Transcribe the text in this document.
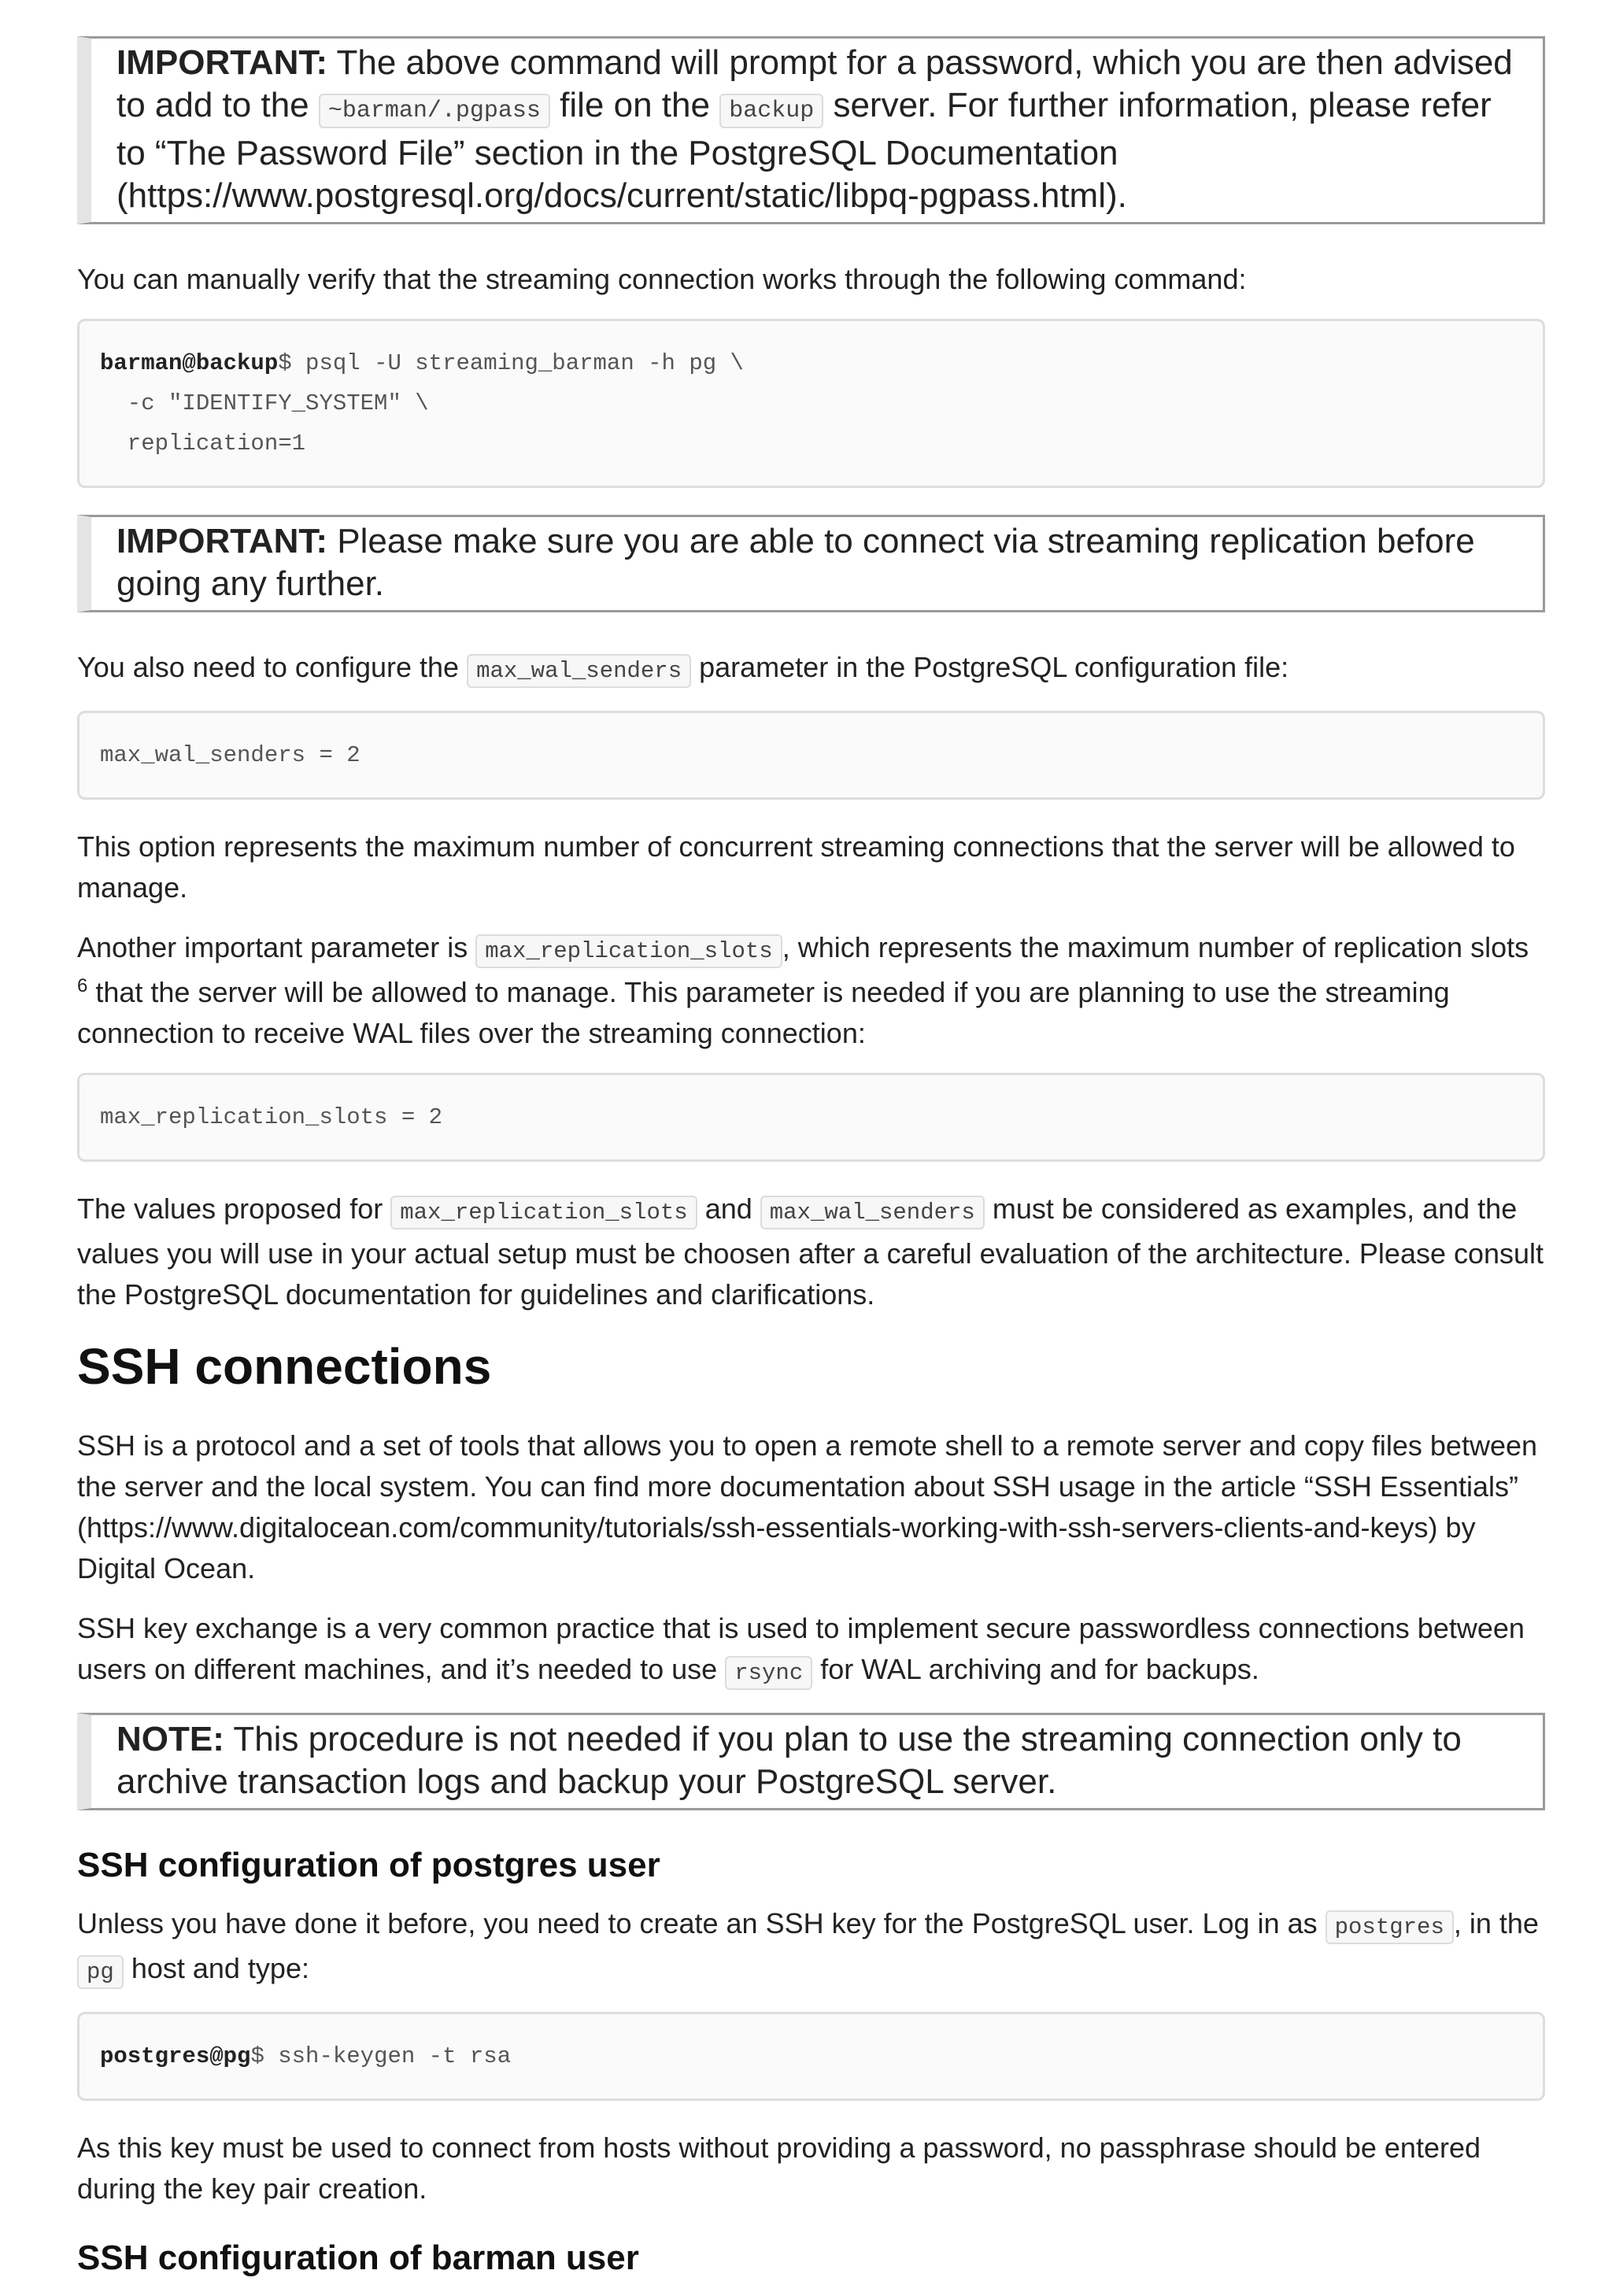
IMPORTANT: The above command will prompt for a password, which you are then advised to add to the ~barman/.pgpass file on the backup server. For further information, please refer to “The Password File” section in the PostgreSQL Documentation (https://www.postgresql.org/docs/current/static/libpq-pgpass.html).

You can manually verify that the streaming connection works through the following command:

barman@backup$ psql -U streaming_barman -h pg \
-c "IDENTIFY_SYSTEM" \
replication=1
IMPORTANT: Please make sure you are able to connect via streaming replication before going any further.

You also need to configure the max_wal_senders parameter in the PostgreSQL configuration file:

max_wal_senders = 2

This option represents the maximum number of concurrent streaming connections that the server will be allowed to manage.

Another important parameter is max_replication_slots , which represents the maximum number of replication slots $^6$ that the server will be allowed to manage. This parameter is needed if you are planning to use the streaming connection to receive WAL files over the streaming connection:

max_replication_slots = 2

The values proposed for max_replication_slots and max_wal_senders must be considered as examples, and the values you will use in your actual setup must be choosen after a careful evaluation of the architecture. Please consult the PostgreSQL documentation for guidelines and clarifications.

SSH connections

SSH is a protocol and a set of tools that allows you to open a remote shell to a remote server and copy files between the server and the local system. You can find more documentation about SSH usage in the article “SSH Essentials” (https://www.digitalocean.com/community/tutorials/ssh-essentials-working-with-ssh-servers-clients-and-keys) by Digital Ocean.

SSH key exchange is a very common practice that is used to implement secure passwordless connections between users on different machines, and it’s needed to use rsync for WAL archiving and for backups.

NOTE: This procedure is not needed if you plan to use the streaming connection only to archive transaction logs and backup your PostgreSQL server.
SSH configuration of postgres user

Unless you have done it before, you need to create an SSH key for the PostgreSQL user. Log in as postgres , in the pg host and type:

postgres@pg$ ssh-keygen -t rsa

As this key must be used to connect from hosts without providing a password, no passphrase should be entered during the key pair creation.

SSH configuration of barman user
